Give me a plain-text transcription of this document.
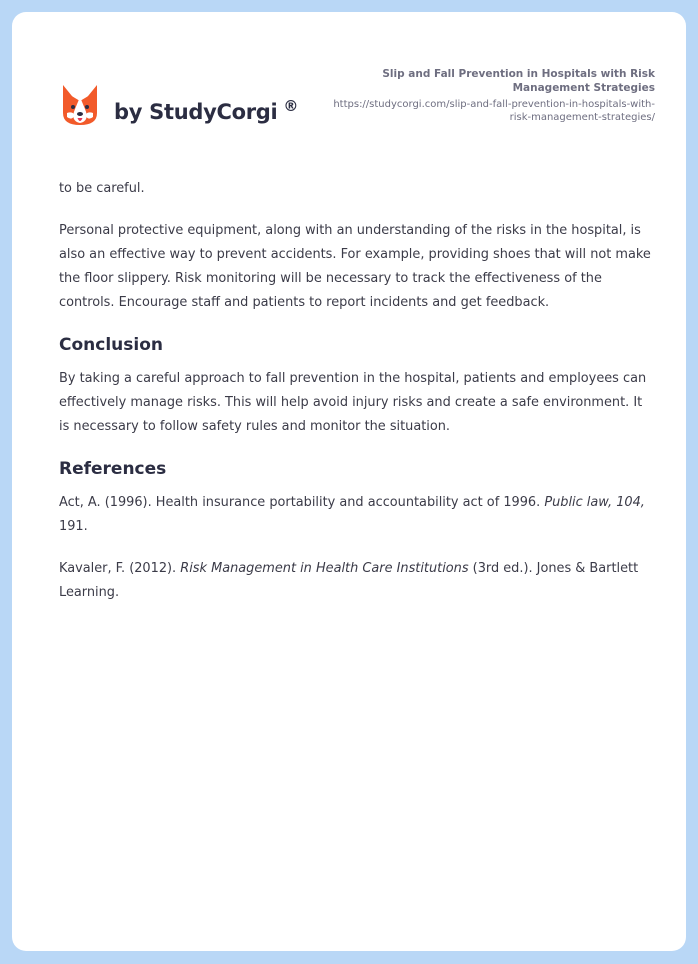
by StudyCorgi ®
Slip and Fall Prevention in Hospitals with Risk Management Strategies
https://studycorgi.com/slip-and-fall-prevention-in-hospitals-with-risk-management-strategies/

to be careful.

Personal protective equipment, along with an understanding of the risks in the hospital, is also an effective way to prevent accidents. For example, providing shoes that will not make the floor slippery. Risk monitoring will be necessary to track the effectiveness of the controls. Encourage staff and patients to report incidents and get feedback.

Conclusion

By taking a careful approach to fall prevention in the hospital, patients and employees can effectively manage risks. This will help avoid injury risks and create a safe environment. It is necessary to follow safety rules and monitor the situation.

References

Act, A. (1996). Health insurance portability and accountability act of 1996. Public law, 104, 191.

Kavaler, F. (2012). Risk Management in Health Care Institutions (3rd ed.). Jones & Bartlett Learning.
